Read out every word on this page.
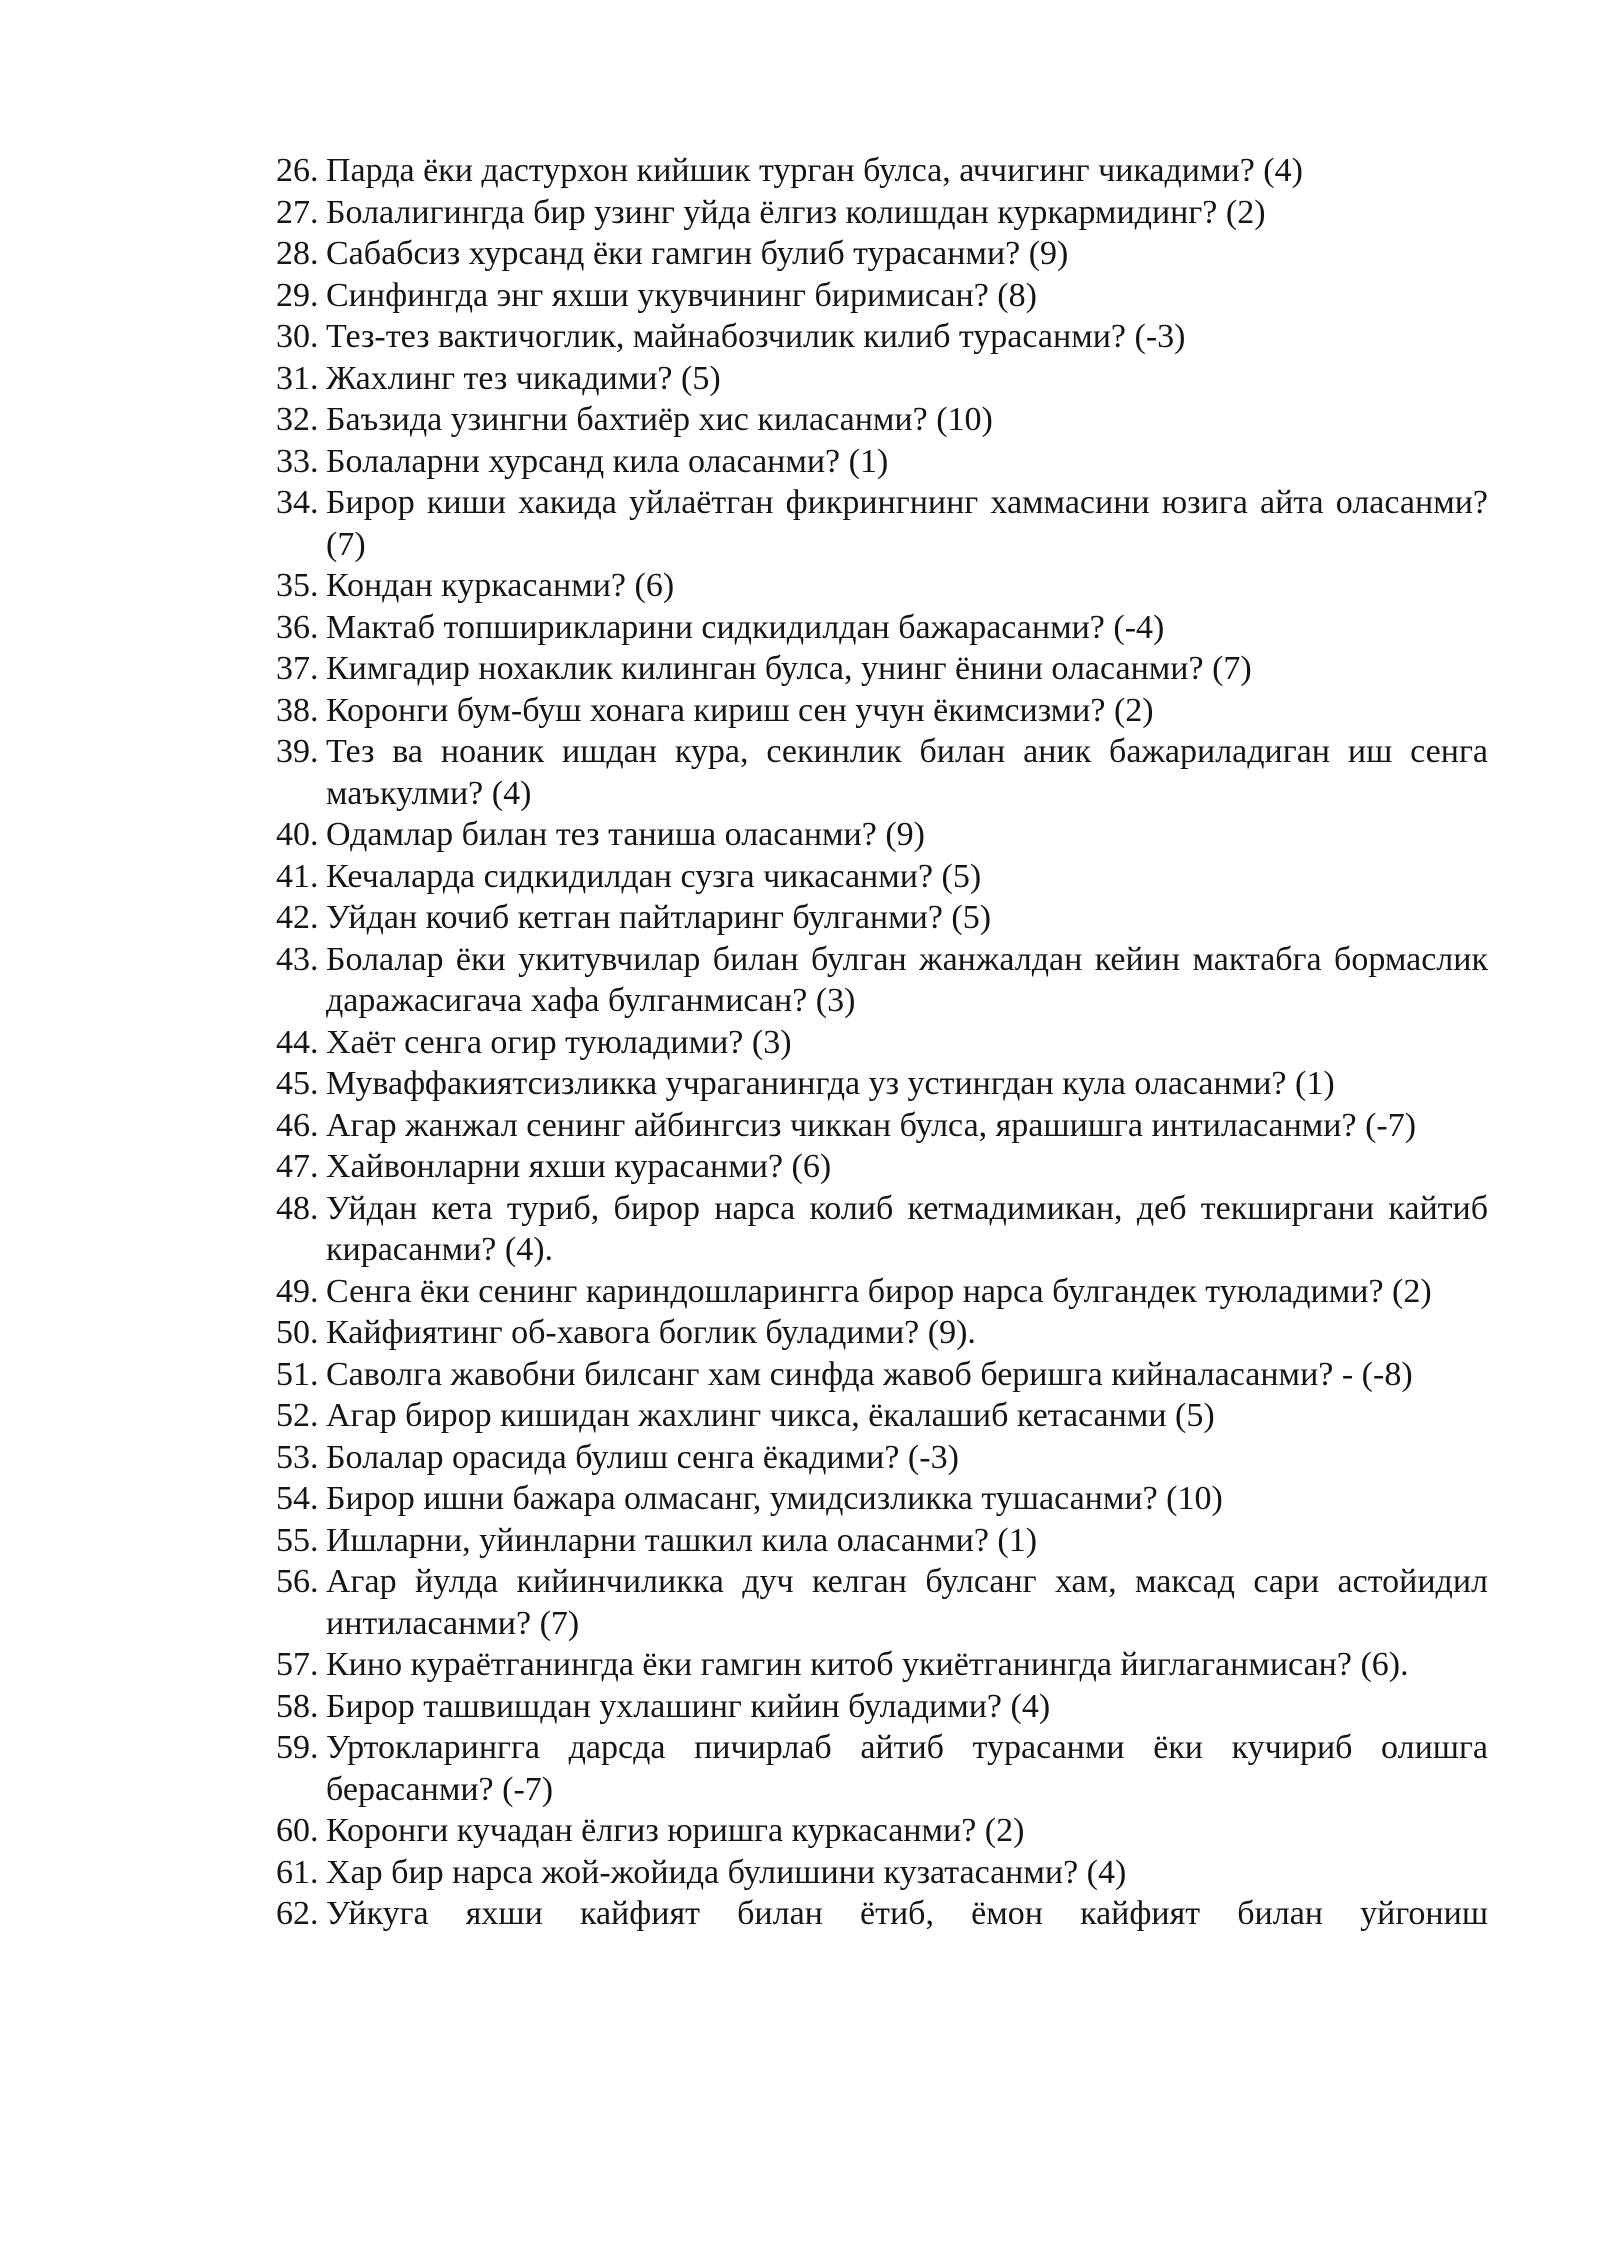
26. Парда ёки дастурхон кийшик турган булса, аччигинг чикадими? (4)
27. Болалигингда бир узинг уйда ёлгиз колишдан куркармидинг? (2)
28. Сабабсиз хурсанд ёки гамгин булиб турасанми? (9)
29. Синфингда энг яхши укувчининг биримисан? (8)
30. Тез-тез вактичоглик, майнабозчилик килиб турасанми? (-3)
31. Жахлинг тез чикадими? (5)
32. Баъзида узингни бахтиёр хис киласанми? (10)
33. Болаларни хурсанд кила оласанми? (1)
34. Бирор киши хакида уйлаётган фикрингнинг хаммасини юзига айта оласанми? (7)
35. Кондан куркасанми? (6)
36. Мактаб топширикларини сидкидилдан бажарасанми? (-4)
37. Кимгадир нохаклик килинган булса, унинг ёнини оласанми? (7)
38. Коронги бум-буш хонага кириш сен учун ёкимсизми? (2)
39. Тез ва ноаник ишдан кура, секинлик билан аник бажариладиган иш сенга маъкулми? (4)
40. Одамлар билан тез таниша оласанми? (9)
41. Кечаларда сидкидилдан сузга чикасанми? (5)
42. Уйдан кочиб кетган пайтларинг булганми? (5)
43. Болалар ёки укитувчилар билан булган жанжалдан кейин мактабга бормаслик даражасигача хафа булганмисан? (3)
44. Хаёт сенга огир туюладими? (3)
45. Муваффакиятсизликка учраганингда уз устингдан кула оласанми? (1)
46. Агар жанжал сенинг айбингсиз чиккан булса, ярашишга интиласанми? (-7)
47. Хайвонларни яхши курасанми? (6)
48. Уйдан кета туриб, бирор нарса колиб кетмадимикан, деб текширгани кайтиб кирасанми? (4).
49. Сенга ёки сенинг кариндошларингга бирор нарса булгандек туюладими? (2)
50. Кайфиятинг об-хавога боглик буладими? (9).
51. Саволга жавобни билсанг хам синфда жавоб беришга кийналасанми? - (-8)
52. Агар бирор кишидан жахлинг чикса, ёкалашиб кетасанми (5)
53. Болалар орасида булиш сенга ёкадими? (-3)
54. Бирор ишни бажара олмасанг, умидсизликка тушасанми? (10)
55. Ишларни, уйинларни ташкил кила оласанми? (1)
56. Агар йулда кийинчиликка дуч келган булсанг хам, максад сари астойидил интиласанми? (7)
57. Кино кураётганингда ёки гамгин китоб укиётганингда йиглаганмисан? (6).
58. Бирор ташвишдан ухлашинг кийин буладими? (4)
59. Уртокларингга дарсда пичирлаб айтиб турасанми ёки кучириб олишга берасанми? (-7)
60. Коронги кучадан ёлгиз юришга куркасанми? (2)
61. Хар бир нарса жой-жойида булишини кузатасанми? (4)
62. Уйкуга яхши кайфият билан ётиб, ёмон кайфият билан уйгониш
